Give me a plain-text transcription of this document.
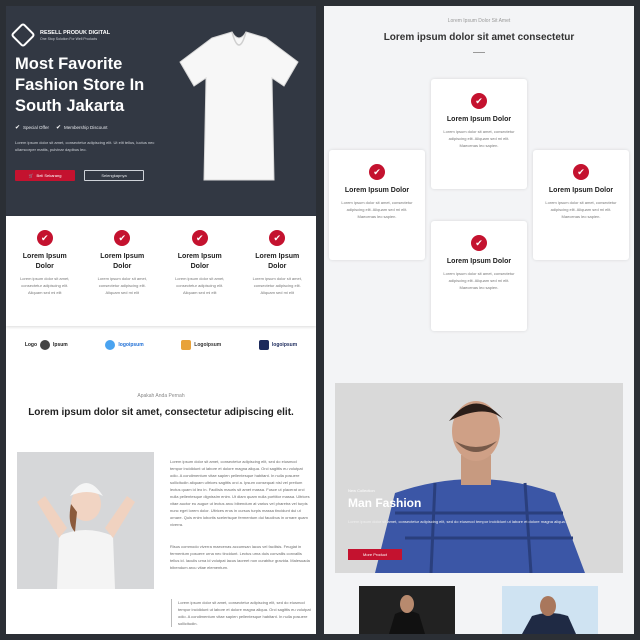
RESELL PRODUK DIGITAL
One Stop Solution For Well Products
Most Favorite Fashion Store In South Jakarta
✔ Special Offer ✔ Membership Discount
Lorem ipsum dolor sit amet, consectetur adipiscing elit. Ut elit tellus, luctus nec ullamcorper mattis, pulvinar dapibus leo.
🛒 Beli Sekarang	Selengkapnya
✔
Lorem Ipsum Dolor
Lorem ipsum dolor sit amet, consectetur adipiscing elit. Aliquam sed mi elit
✔
Lorem Ipsum Dolor
Lorem ipsum dolor sit amet, consectetur adipiscing elit. Aliquam sed mi elit
✔
Lorem Ipsum Dolor
Lorem ipsum dolor sit amet, consectetur adipiscing elit. Aliquam sed mi elit
✔
Lorem Ipsum Dolor
Lorem ipsum dolor sit amet, consectetur adipiscing elit. Aliquam sed mi elit
Logo	Ipsum	logoipsum	Logoipsum	logoipsum
Apakah Anda Pernah
Lorem ipsum dolor sit amet, consectetur adipiscing elit.
Lorem ipsum dolor sit amet, consectetur adipiscing elit, sed do eiusmod tempor incididunt ut labore et dolore magna aliqua. Orci sagittis eu volutpat odio. A condimentum vitae sapien pellentesque habitant. In nulla posuere sollicitudin aliquam ultrices sagittis orci a. Ipsum consequat nisl vel pretium lectus quam id leo in. Facilisis mauris sit amet massa. Fusce ut placerat orci nulla pellentesque dignissim enim. Ut diam quam nulla porttitor massa. Ultrices vitae auctor eu augue ut lectus arcu bibendum at varius vel pharetra vel turpis nunc eget lorem dolor. Ultrices eros in cursus turpis massa tincidunt dui ut ornare. Quis enim lobortis scelerisque fermentum dui faucibus in ornare quam viverra.
Risus commodo viverra maecenas accumsan lacus vel facilisis. Feugiat in fermentum posuere urna nec tincidunt. Lectus urna duis convallis convallis tellus id. Iaculis urna id volutpat lacus laoreet non curabitur gravida. Malesuada bibendum arcu vitae elementum.
Lorem ipsum dolor sit amet, consectetur adipiscing elit, sed do eiusmod tempor incididunt ut labore et dolore magna aliqua. Orci sagittis eu volutpat odio. A condimentum vitae sapien pellentesque habitant. In nulla posuere sollicitudin.
Lorem Ipsum Dolor Sit Amet
Lorem ipsum dolor sit amet consectetur
✔
Lorem Ipsum Dolor
Lorem ipsum dolor sit amet, consectetur adipiscing elit. Aliquam sed mi elit. Maecenas leo sapien.
✔
Lorem Ipsum Dolor
Lorem ipsum dolor sit amet, consectetur adipiscing elit. Aliquam sed mi elit. Maecenas leo sapien.
✔
Lorem Ipsum Dolor
Lorem ipsum dolor sit amet, consectetur adipiscing elit. Aliquam sed mi elit. Maecenas leo sapien.
✔
Lorem Ipsum Dolor
Lorem ipsum dolor sit amet, consectetur adipiscing elit. Aliquam sed mi elit. Maecenas leo sapien.
New Collection
Man Fashion
Lorem ipsum dolor sit amet, consectetur adipiscing elit, sed do eiusmod tempor incididunt ut labore et dolore magna aliqua.
More Product
